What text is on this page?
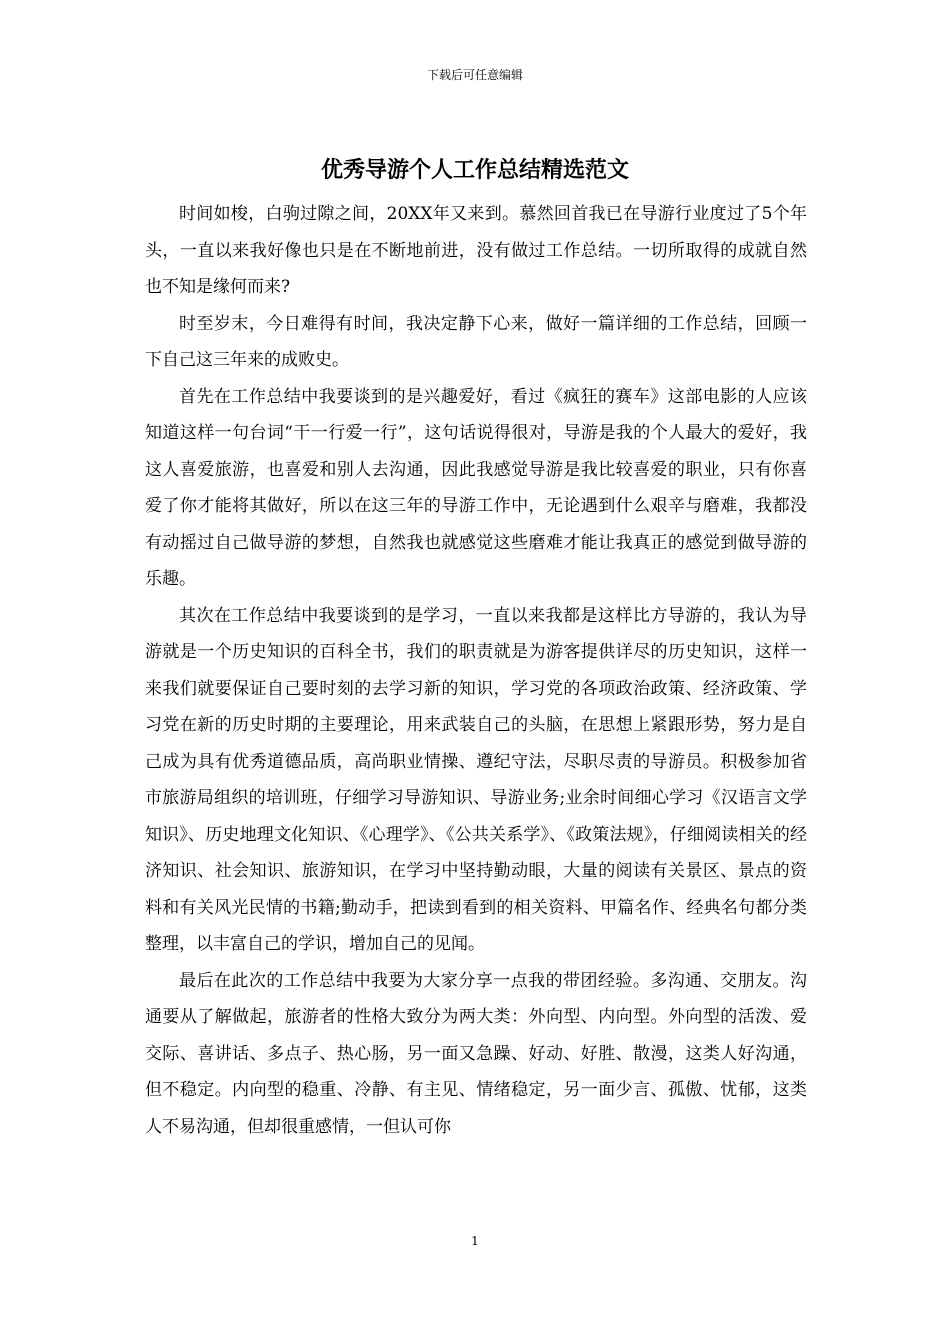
下载后可任意编辑
优秀导游个人工作总结精选范文

时间如梭，白驹过隙之间，20XX年又来到。慕然回首我已在导游行业度过了5个年头，一直以来我好像也只是在不断地前进，没有做过工作总结。一切所取得的成就自然也不知是缘何而来?

时至岁末，今日难得有时间，我决定静下心来，做好一篇详细的工作总结，回顾一下自己这三年来的成败史。

首先在工作总结中我要谈到的是兴趣爱好，看过《疯狂的赛车》这部电影的人应该知道这样一句台词“干一行爱一行”，这句话说得很对，导游是我的个人最大的爱好，我这人喜爱旅游，也喜爱和别人去沟通，因此我感觉导游是我比较喜爱的职业，只有你喜爱了你才能将其做好，所以在这三年的导游工作中，无论遇到什么艰辛与磨难，我都没有动摇过自己做导游的梦想，自然我也就感觉这些磨难才能让我真正的感觉到做导游的乐趣。

其次在工作总结中我要谈到的是学习，一直以来我都是这样比方导游的，我认为导游就是一个历史知识的百科全书，我们的职责就是为游客提供详尽的历史知识，这样一来我们就要保证自己要时刻的去学习新的知识，学习党的各项政治政策、经济政策、学习党在新的历史时期的主要理论，用来武装自己的头脑，在思想上紧跟形势，努力是自己成为具有优秀道德品质，高尚职业情操、遵纪守法，尽职尽责的导游员。积极参加省市旅游局组织的培训班，仔细学习导游知识、导游业务;业余时间细心学习《汉语言文学知识》、历史地理文化知识、《心理学》、《公共关系学》、《政策法规》，仔细阅读相关的经济知识、社会知识、旅游知识，在学习中坚持勤动眼，大量的阅读有关景区、景点的资料和有关风光民情的书籍;勤动手，把读到看到的相关资料、甲篇名作、经典名句都分类整理，以丰富自己的学识，增加自己的见闻。

最后在此次的工作总结中我要为大家分享一点我的带团经验。多沟通、交朋友。沟通要从了解做起，旅游者的性格大致分为两大类：外向型、内向型。外向型的活泼、爱交际、喜讲话、多点子、热心肠，另一面又急躁、好动、好胜、散漫，这类人好沟通，但不稳定。内向型的稳重、冷静、有主见、情绪稳定，另一面少言、孤傲、忧郁，这类人不易沟通，但却很重感情，一但认可你

1
